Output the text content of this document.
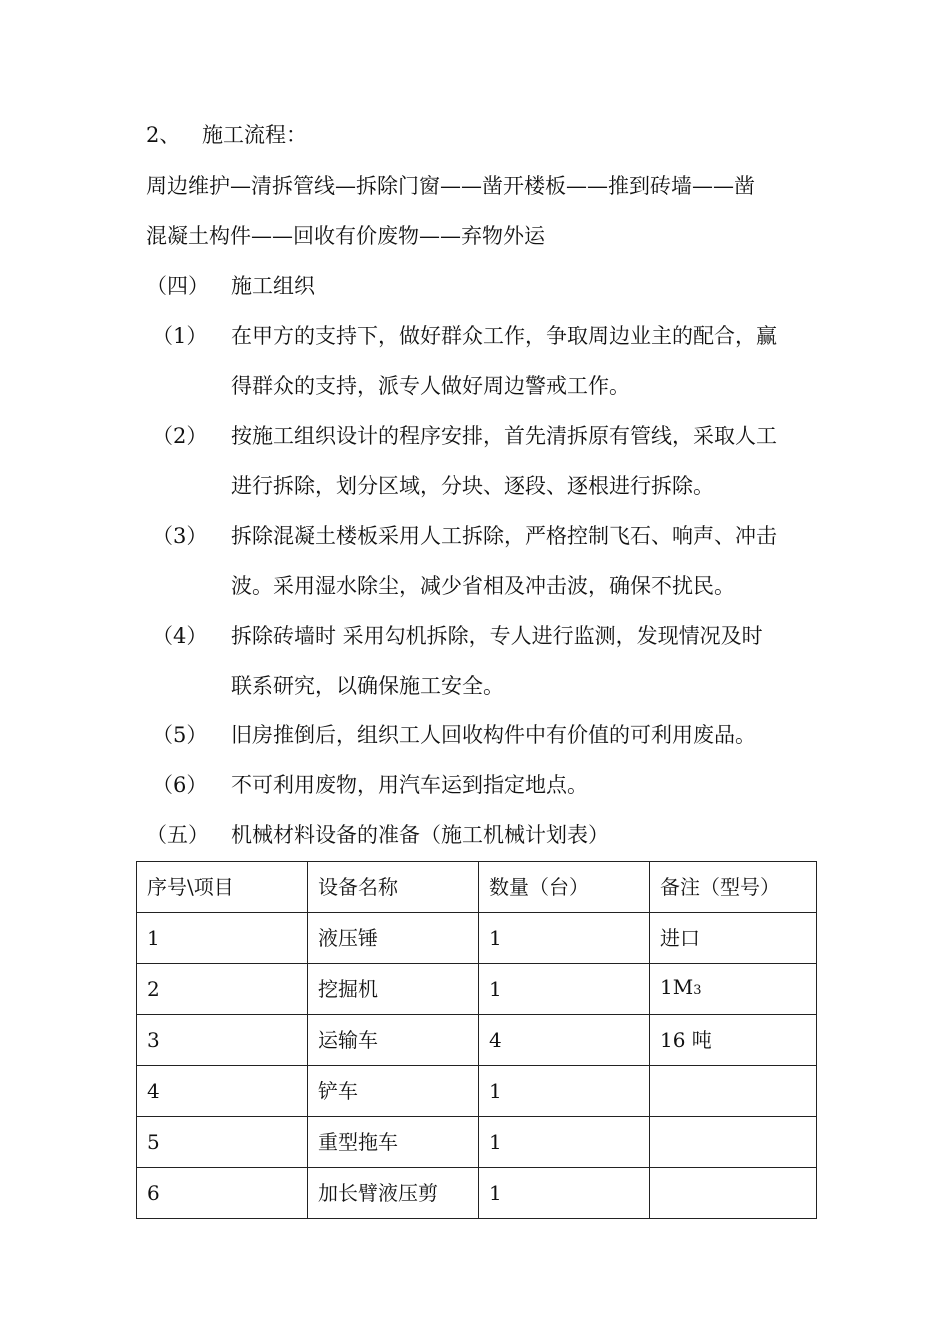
2、 施工流程：
周边维护—清拆管线—拆除门窗——凿开楼板——推到砖墙——凿
混凝土构件——回收有价废物——弃物外运
（四） 施工组织
（1） 在甲方的支持下，做好群众工作，争取周边业主的配合，赢
得群众的支持，派专人做好周边警戒工作。
（2） 按施工组织设计的程序安排，首先清拆原有管线，采取人工
进行拆除，划分区域，分块、逐段、逐根进行拆除。
（3） 拆除混凝土楼板采用人工拆除，严格控制飞石、响声、冲击
波。采用湿水除尘，减少省相及冲击波，确保不扰民。
（4） 拆除砖墙时 采用勾机拆除，专人进行监测，发现情况及时
联系研究，以确保施工安全。
（5） 旧房推倒后，组织工人回收构件中有价值的可利用废品。
（6） 不可利用废物，用汽车运到指定地点。
（五） 机械材料设备的准备（施工机械计划表）
序号\项目	设备名称	数量（台）	备注（型号）
1	液压锤	1	进口
2	挖掘机	1	1M3
3	运输车	4	16 吨
4	铲车	1	
5	重型拖车	1	
6	加长臂液压剪	1	
